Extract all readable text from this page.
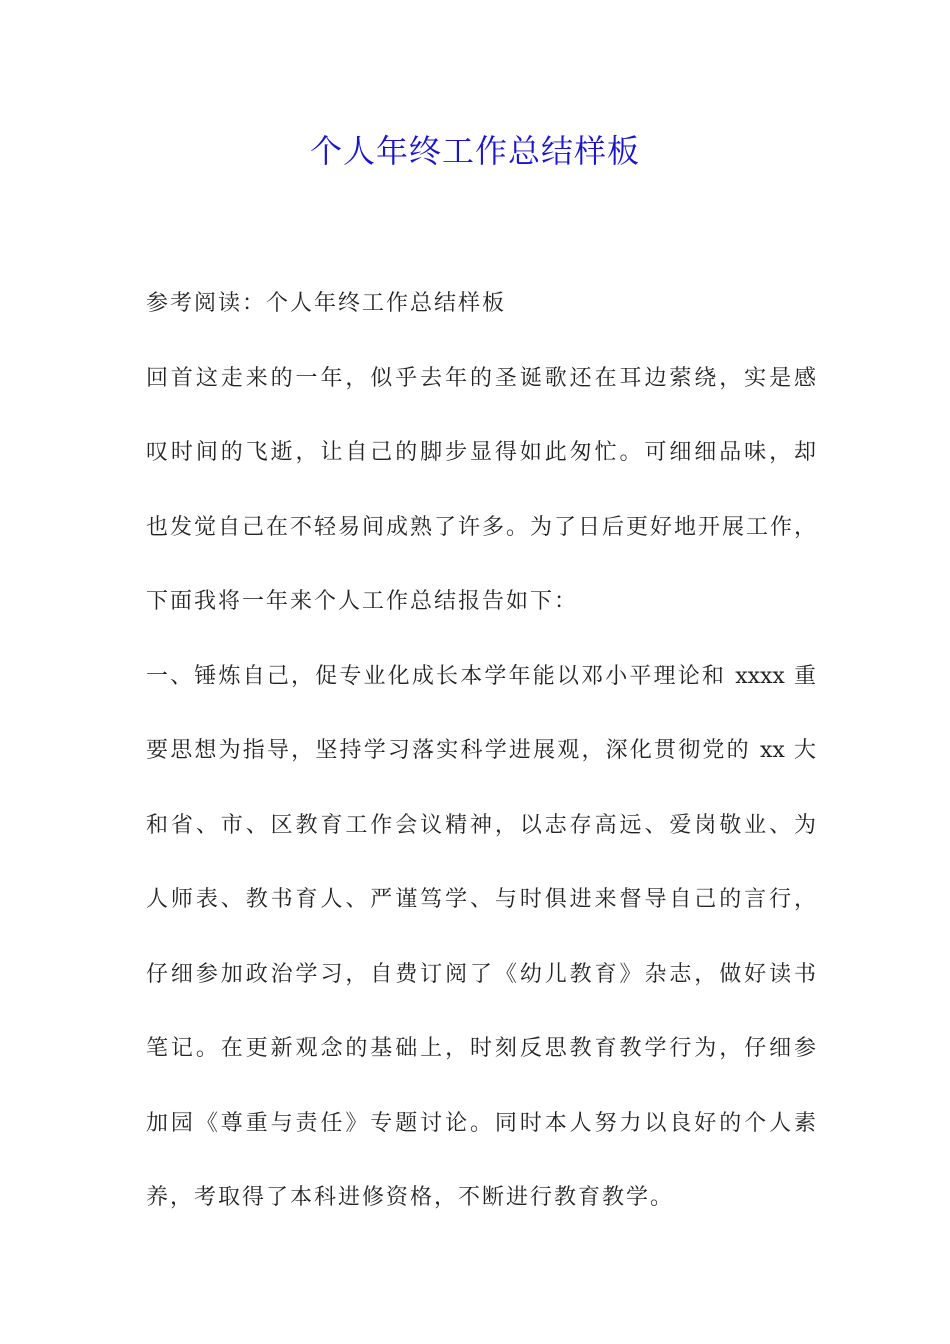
个人年终工作总结样板
参考阅读：个人年终工作总结样板
回首这走来的一年，似乎去年的圣诞歌还在耳边萦绕，实是感
叹时间的飞逝，让自己的脚步显得如此匆忙。可细细品味，却
也发觉自己在不轻易间成熟了许多。为了日后更好地开展工作，
下面我将一年来个人工作总结报告如下：
一、锤炼自己，促专业化成长本学年能以邓小平理论和 xxxx 重
要思想为指导，坚持学习落实科学进展观，深化贯彻党的 xx 大
和省、市、区教育工作会议精神，以志存高远、爱岗敬业、为
人师表、教书育人、严谨笃学、与时俱进来督导自己的言行，
仔细参加政治学习，自费订阅了《幼儿教育》杂志，做好读书
笔记。在更新观念的基础上，时刻反思教育教学行为，仔细参
加园《尊重与责任》专题讨论。同时本人努力以良好的个人素
养，考取得了本科进修资格，不断进行教育教学。
